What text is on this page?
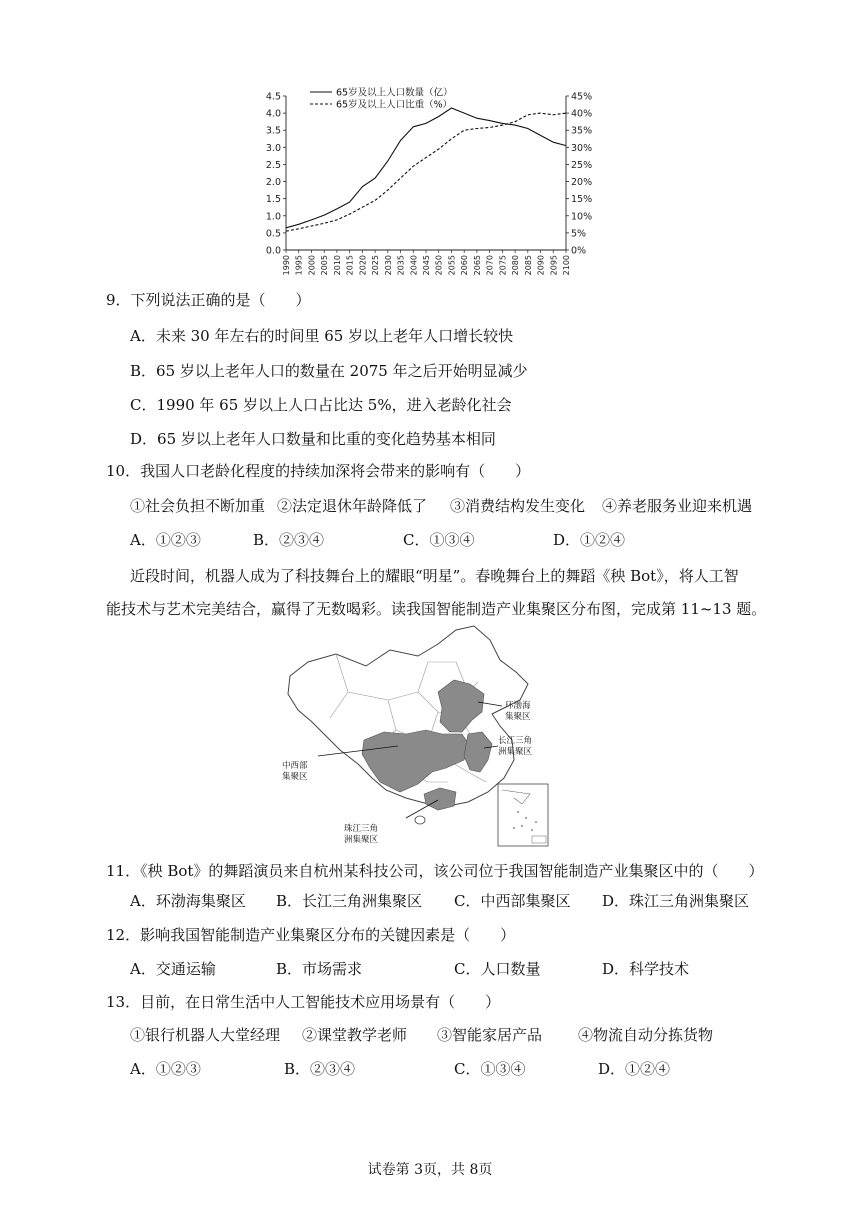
0.0
0.5
1.0
1.5
2.0
2.5
3.0
3.5
4.0
4.5
0%
5%
10%
15%
20%
25%
30%
35%
40%
45%
1990 1995 2000 2005 2010 2015 2020 2025 2030 2035 2040 2045 2050 2055 2060 2065 2070 2075 2080 2085 2090 2095 2100
65岁及以上人口数量（亿）
65岁及以上人口比重（%）
9．下列说法正确的是（　　）
A．未来 30 年左右的时间里 65 岁以上老年人口增长较快
B．65 岁以上老年人口的数量在 2075 年之后开始明显减少
C．1990 年 65 岁以上人口占比达 5%，进入老龄化社会
D．65 岁以上老年人口数量和比重的变化趋势基本相同
10．我国人口老龄化程度的持续加深将会带来的影响有（　　）
①社会负担不断加重 ②法定退休年龄降低了 ③消费结构发生变化 ④养老服务业迎来机遇
A．①②③	B．②③④	C．①③④	D．①②④
近段时间，机器人成为了科技舞台上的耀眼“明星”。春晚舞台上的舞蹈《秧 Bot》，将人工智
能技术与艺术完美结合，赢得了无数喝彩。读我国智能制造产业集聚区分布图，完成第 11~13 题。
环渤海
集聚区
长江三角
洲集聚区
中西部
集聚区
珠江三角
洲集聚区
11．《秧 Bot》的舞蹈演员来自杭州某科技公司，该公司位于我国智能制造产业集聚区中的（　　）
A．环渤海集聚区 B．长江三角洲集聚区 C．中西部集聚区 D．珠江三角洲集聚区
12．影响我国智能制造产业集聚区分布的关键因素是（　　）
A．交通运输	B．市场需求	C．人口数量	D．科学技术
13．目前，在日常生活中人工智能技术应用场景有（　　）
①银行机器人大堂经理 ②课堂教学老师 ③智能家居产品 ④物流自动分拣货物
A．①②③	B．②③④	C．①③④	D．①②④
试卷第 3页，共 8页
